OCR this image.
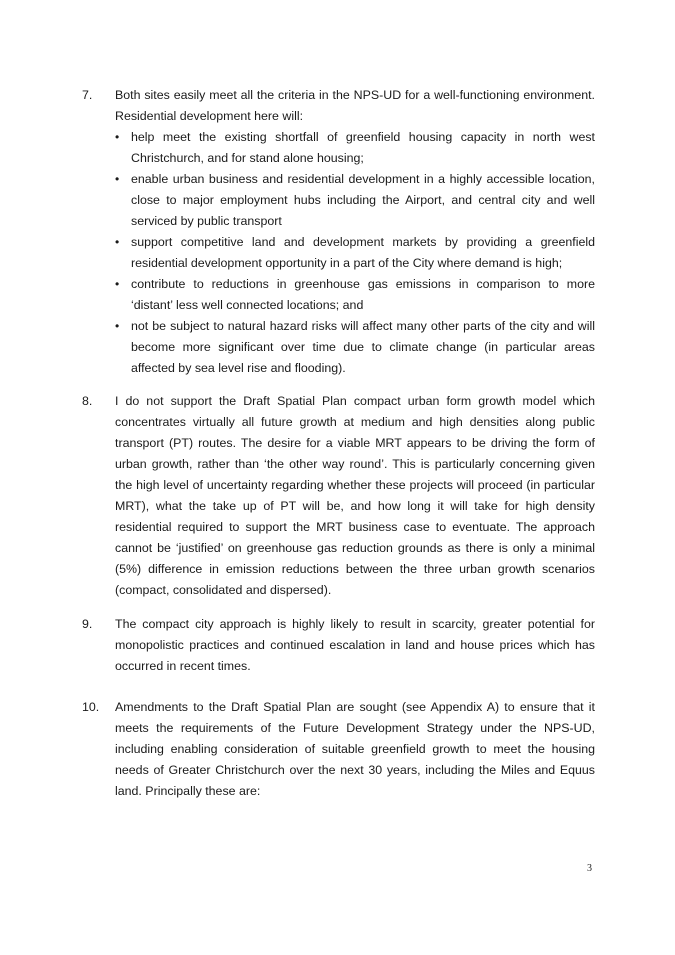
7.	Both sites easily meet all the criteria in the NPS-UD for a well-functioning environment. Residential development here will:
• help meet the existing shortfall of greenfield housing capacity in north west Christchurch, and for stand alone housing;
• enable urban business and residential development in a highly accessible location, close to major employment hubs including the Airport, and central city and well serviced by public transport
• support competitive land and development markets by providing a greenfield residential development opportunity in a part of the City where demand is high;
• contribute to reductions in greenhouse gas emissions in comparison to more ‘distant’ less well connected locations; and
• not be subject to natural hazard risks will affect many other parts of the city and will become more significant over time due to climate change (in particular areas affected by sea level rise and flooding).
8.	I do not support the Draft Spatial Plan compact urban form growth model which concentrates virtually all future growth at medium and high densities along public transport (PT) routes. The desire for a viable MRT appears to be driving the form of urban growth, rather than ‘the other way round’. This is particularly concerning given the high level of uncertainty regarding whether these projects will proceed (in particular MRT), what the take up of PT will be, and how long it will take for high density residential required to support the MRT business case to eventuate. The approach cannot be ‘justified’ on greenhouse gas reduction grounds as there is only a minimal (5%) difference in emission reductions between the three urban growth scenarios (compact, consolidated and dispersed).
9.	The compact city approach is highly likely to result in scarcity, greater potential for monopolistic practices and continued escalation in land and house prices which has occurred in recent times.
10.	Amendments to the Draft Spatial Plan are sought (see Appendix A) to ensure that it meets the requirements of the Future Development Strategy under the NPS-UD, including enabling consideration of suitable greenfield growth to meet the housing needs of Greater Christchurch over the next 30 years, including the Miles and Equus land. Principally these are:
3
